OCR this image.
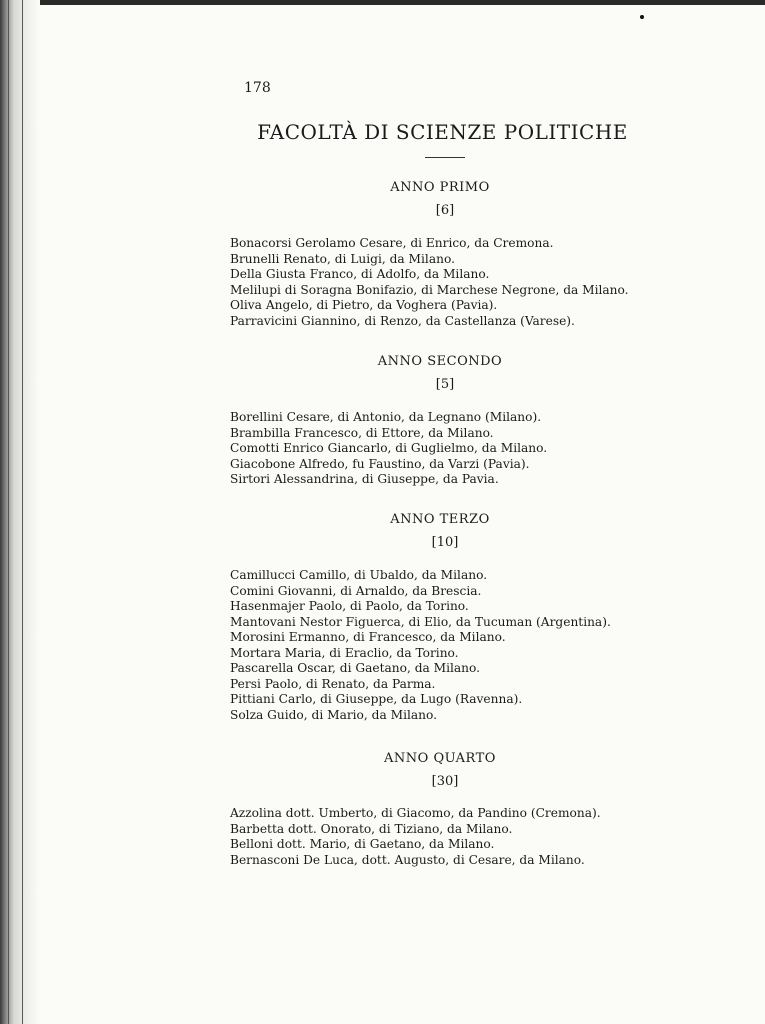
178
FACOLTÀ DI SCIENZE POLITICHE
ANNO PRIMO
[6]
Bonacorsi Gerolamo Cesare, di Enrico, da Cremona.
Brunelli Renato, di Luigi, da Milano.
Della Giusta Franco, di Adolfo, da Milano.
Melilupi di Soragna Bonifazio, di Marchese Negrone, da Milano.
Oliva Angelo, di Pietro, da Voghera (Pavia).
Parravicini Giannino, di Renzo, da Castellanza (Varese).
ANNO SECONDO
[5]
Borellini Cesare, di Antonio, da Legnano (Milano).
Brambilla Francesco, di Ettore, da Milano.
Comotti Enrico Giancarlo, di Guglielmo, da Milano.
Giacobone Alfredo, fu Faustino, da Varzi (Pavia).
Sirtori Alessandrina, di Giuseppe, da Pavia.
ANNO TERZO
[10]
Camillucci Camillo, di Ubaldo, da Milano.
Comini Giovanni, di Arnaldo, da Brescia.
Hasenmajer Paolo, di Paolo, da Torino.
Mantovani Nestor Figuerca, di Elio, da Tucuman (Argentina).
Morosini Ermanno, di Francesco, da Milano.
Mortara Maria, di Eraclio, da Torino.
Pascarella Oscar, di Gaetano, da Milano.
Persi Paolo, di Renato, da Parma.
Pittiani Carlo, di Giuseppe, da Lugo (Ravenna).
Solza Guido, di Mario, da Milano.
ANNO QUARTO
[30]
Azzolina dott. Umberto, di Giacomo, da Pandino (Cremona).
Barbetta dott. Onorato, di Tiziano, da Milano.
Belloni dott. Mario, di Gaetano, da Milano.
Bernasconi De Luca, dott. Augusto, di Cesare, da Milano.
